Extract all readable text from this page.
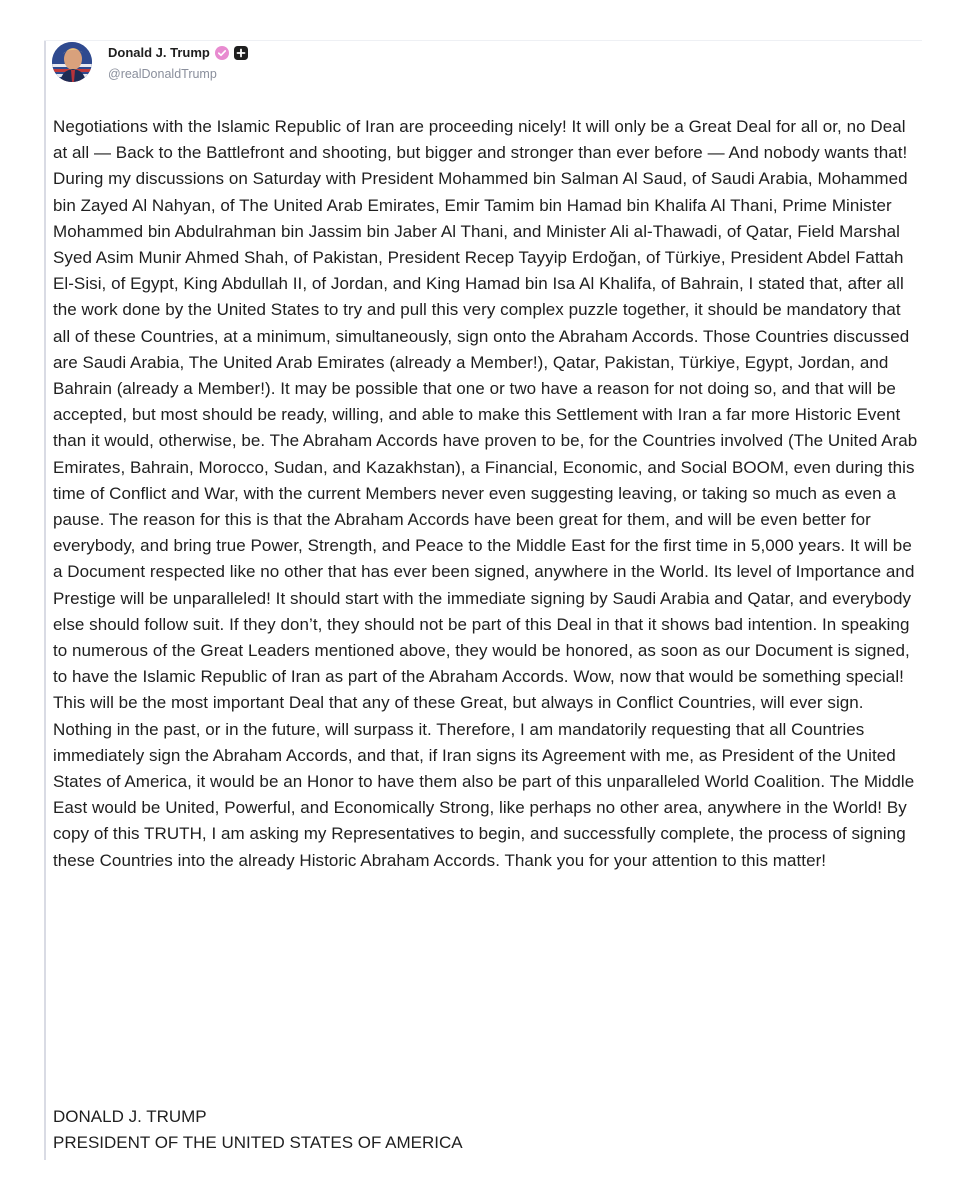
Donald J. Trump
@realDonaldTrump
Negotiations with the Islamic Republic of Iran are proceeding nicely! It will only be a Great Deal for all or, no Deal at all — Back to the Battlefront and shooting, but bigger and stronger than ever before — And nobody wants that! During my discussions on Saturday with President Mohammed bin Salman Al Saud, of Saudi Arabia, Mohammed bin Zayed Al Nahyan, of The United Arab Emirates, Emir Tamim bin Hamad bin Khalifa Al Thani, Prime Minister Mohammed bin Abdulrahman bin Jassim bin Jaber Al Thani, and Minister Ali al-Thawadi, of Qatar, Field Marshal Syed Asim Munir Ahmed Shah, of Pakistan, President Recep Tayyip Erdoğan, of Türkiye, President Abdel Fattah El-Sisi, of Egypt, King Abdullah II, of Jordan, and King Hamad bin Isa Al Khalifa, of Bahrain, I stated that, after all the work done by the United States to try and pull this very complex puzzle together, it should be mandatory that all of these Countries, at a minimum, simultaneously, sign onto the Abraham Accords. Those Countries discussed are Saudi Arabia, The United Arab Emirates (already a Member!), Qatar, Pakistan, Türkiye, Egypt, Jordan, and Bahrain (already a Member!). It may be possible that one or two have a reason for not doing so, and that will be accepted, but most should be ready, willing, and able to make this Settlement with Iran a far more Historic Event than it would, otherwise, be. The Abraham Accords have proven to be, for the Countries involved (The United Arab Emirates, Bahrain, Morocco, Sudan, and Kazakhstan), a Financial, Economic, and Social BOOM, even during this time of Conflict and War, with the current Members never even suggesting leaving, or taking so much as even a pause. The reason for this is that the Abraham Accords have been great for them, and will be even better for everybody, and bring true Power, Strength, and Peace to the Middle East for the first time in 5,000 years. It will be a Document respected like no other that has ever been signed, anywhere in the World. Its level of Importance and Prestige will be unparalleled! It should start with the immediate signing by Saudi Arabia and Qatar, and everybody else should follow suit. If they don’t, they should not be part of this Deal in that it shows bad intention. In speaking to numerous of the Great Leaders mentioned above, they would be honored, as soon as our Document is signed, to have the Islamic Republic of Iran as part of the Abraham Accords. Wow, now that would be something special! This will be the most important Deal that any of these Great, but always in Conflict Countries, will ever sign. Nothing in the past, or in the future, will surpass it. Therefore, I am mandatorily requesting that all Countries immediately sign the Abraham Accords, and that, if Iran signs its Agreement with me, as President of the United States of America, it would be an Honor to have them also be part of this unparalleled World Coalition. The Middle East would be United, Powerful, and Economically Strong, like perhaps no other area, anywhere in the World! By copy of this TRUTH, I am asking my Representatives to begin, and successfully complete, the process of signing these Countries into the already Historic Abraham Accords. Thank you for your attention to this matter!
DONALD J. TRUMP
PRESIDENT OF THE UNITED STATES OF AMERICA
